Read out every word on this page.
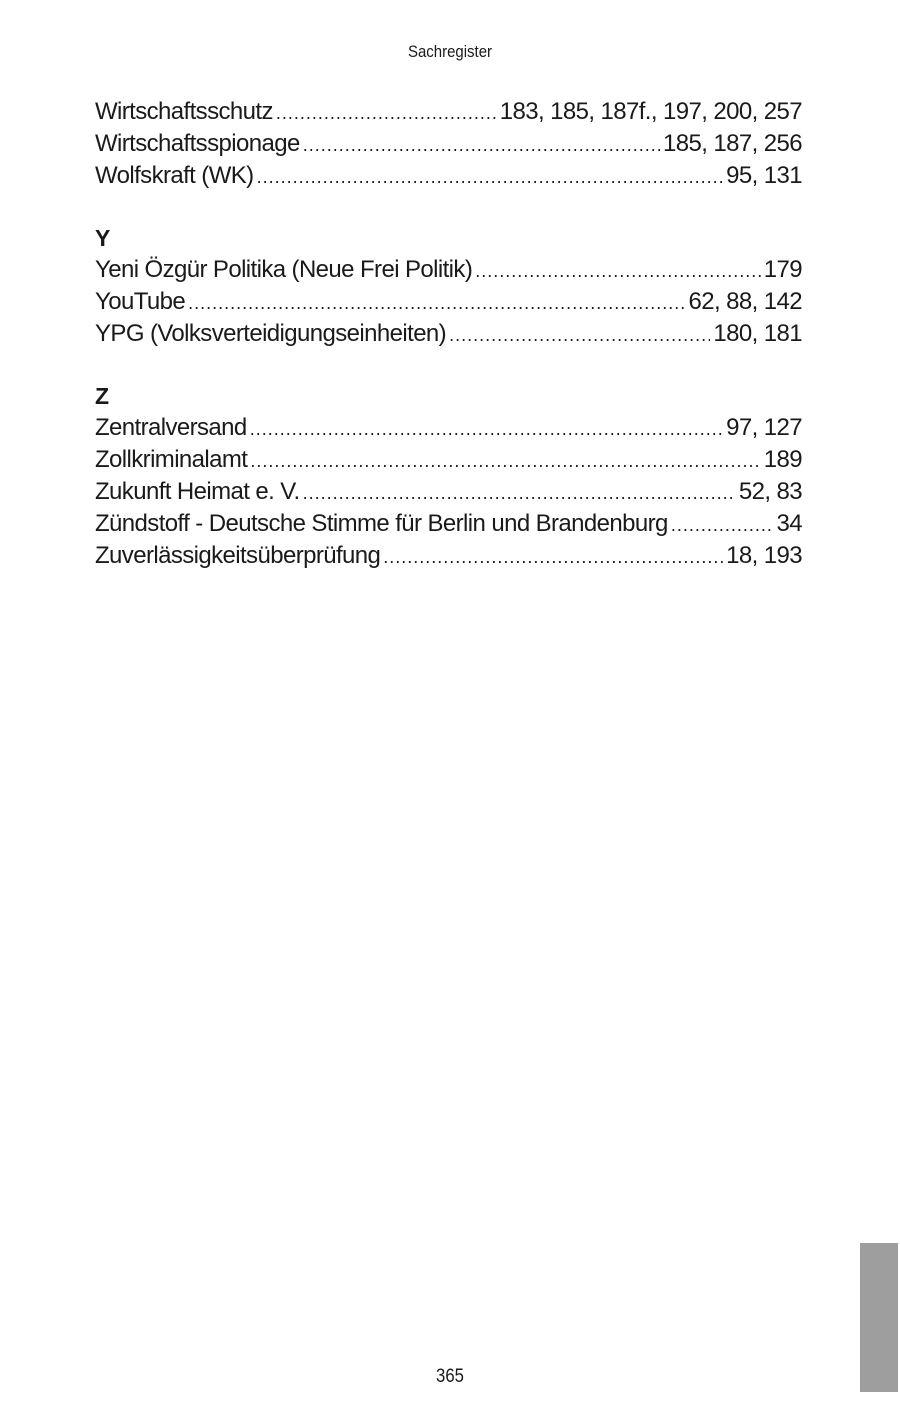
Sachregister
Wirtschaftsschutz .....	183, 185, 187f., 197, 200, 257
Wirtschaftsspionage .....	185, 187, 256
Wolfskraft (WK) .....	95, 131
Y
Yeni Özgür Politika (Neue Frei Politik) .....	179
YouTube .....	62, 88, 142
YPG (Volksverteidigungseinheiten) .....	180, 181
Z
Zentralversand .....	97, 127
Zollkriminalamt .....	189
Zukunft Heimat e. V. .....	52, 83
Zündstoff - Deutsche Stimme für Berlin und Brandenburg .....	34
Zuverlässigkeitsüberprüfung .....	18, 193
365
